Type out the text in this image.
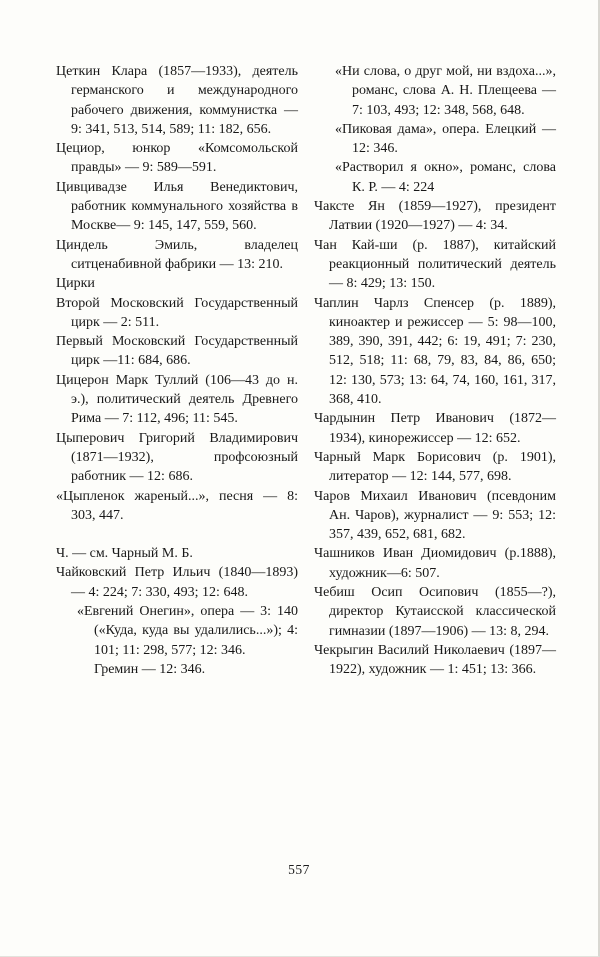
Цеткин Клара (1857—1933), деятель германского и международного рабочего движения, коммунистка — 9: 341, 513, 514, 589; 11: 182, 656.

Цециор, юнкор «Комсомольской правды» — 9: 589—591.

Цивцивадзе Илья Венедиктович, работник коммунального хозяйства в Москве— 9: 145, 147, 559, 560.

Циндель Эмиль, владелец ситценабивной фабрики — 13: 210.

Цирки

Второй Московский Государственный цирк — 2: 511.

Первый Московский Государственный цирк —11: 684, 686.

Цицерон Марк Туллий (106—43 до н. э.), политический деятель Древнего Рима — 7: 112, 496; 11: 545.

Цыперович Григорий Владимирович (1871—1932), профсоюзный работник — 12: 686.

«Цыпленок жареный...», песня — 8: 303, 447.

Ч. — см. Чарный М. Б.

Чайковский Петр Ильич (1840—1893) — 4: 224; 7: 330, 493; 12: 648.

«Евгений Онегин», опера — 3: 140 («Куда, куда вы удалились...»); 4: 101; 11: 298, 577; 12: 346.

Гремин — 12: 346.

«Ни слова, о друг мой, ни вздоха...», романс, слова А. Н. Плещеева — 7: 103, 493; 12: 348, 568, 648.

«Пиковая дама», опера. Елецкий — 12: 346.

«Растворил я окно», романс, слова К. Р. — 4: 224

Чаксте Ян (1859—1927), президент Латвии (1920—1927) — 4: 34.

Чан Кай-ши (р. 1887), китайский реакционный политический деятель — 8: 429; 13: 150.

Чаплин Чарлз Спенсер (р. 1889), киноактер и режиссер — 5: 98—100, 389, 390, 391, 442; 6: 19, 491; 7: 230, 512, 518; 11: 68, 79, 83, 84, 86, 650; 12: 130, 573; 13: 64, 74, 160, 161, 317, 368, 410.

Чардынин Петр Иванович (1872—1934), кинорежиссер — 12: 652.

Чарный Марк Борисович (р. 1901), литератор — 12: 144, 577, 698.

Чаров Михаил Иванович (псевдоним Ан. Чаров), журналист — 9: 553; 12: 357, 439, 652, 681, 682.

Чашников Иван Диомидович (р.1888), художник—6: 507.

Чебиш Осип Осипович (1855—?), директор Кутаисской классической гимназии (1897—1906) — 13: 8, 294.

Чекрыгин Василий Николаевич (1897—1922), художник — 1: 451; 13: 366.

557
